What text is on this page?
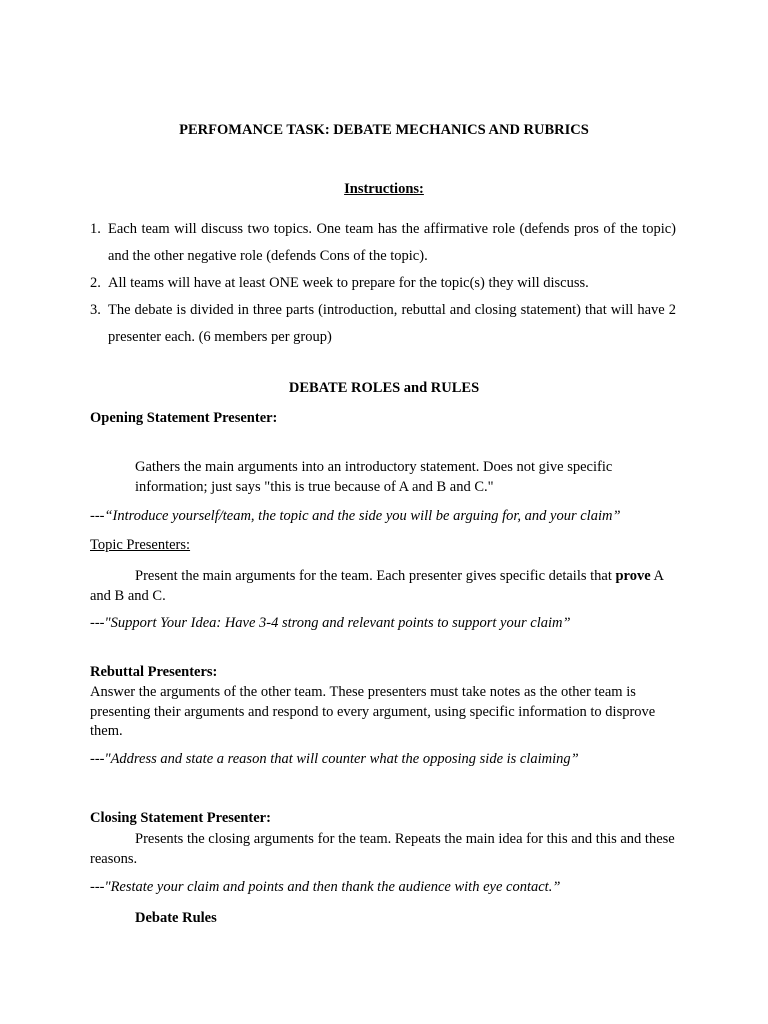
PERFOMANCE TASK: DEBATE MECHANICS AND RUBRICS
Instructions:
1. Each team will discuss two topics. One team has the affirmative role (defends pros of the topic) and the other negative role (defends Cons of the topic).
2. All teams will have at least ONE week to prepare for the topic(s) they will discuss.
3. The debate is divided in three parts (introduction, rebuttal and closing statement) that will have 2 presenter each. (6 members per group)
DEBATE ROLES and RULES
Opening Statement Presenter:
Gathers the main arguments into an introductory statement. Does not give specific information; just says "this is true because of A and B and C."
---“Introduce yourself/team, the topic and the side you will be arguing for, and your claim”
Topic Presenters:
Present the main arguments for the team. Each presenter gives specific details that prove A and B and C.
---"Support Your Idea: Have 3-4 strong and relevant points to support your claim”
Rebuttal Presenters:
Answer the arguments of the other team. These presenters must take notes as the other team is presenting their arguments and respond to every argument, using specific information to disprove them.
---"Address and state a reason that will counter what the opposing side is claiming”
Closing Statement Presenter:
Presents the closing arguments for the team. Repeats the main idea for this and this and these reasons.
---"Restate your claim and points and then thank the audience with eye contact.”
Debate Rules
